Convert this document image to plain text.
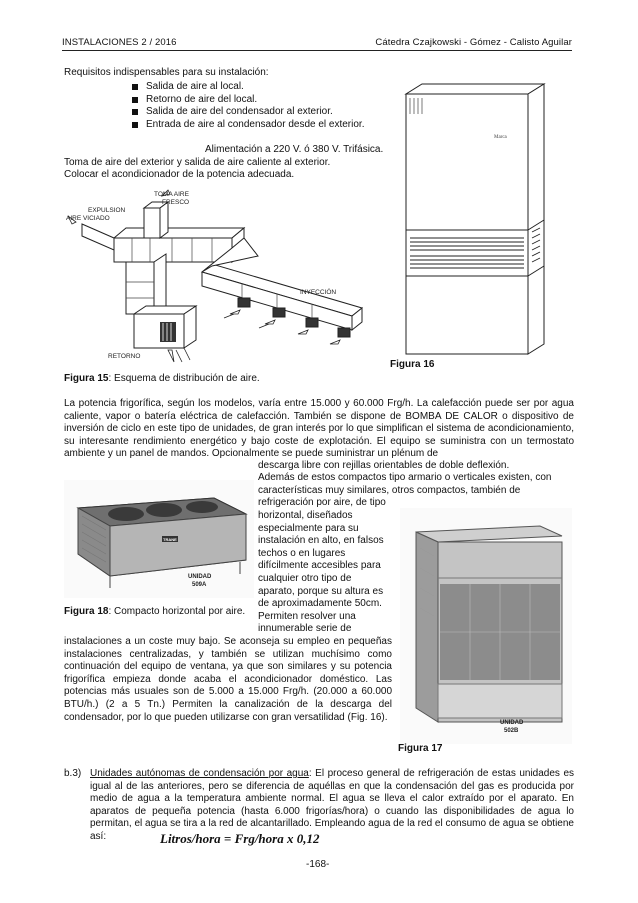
INSTALACIONES 2 / 2016	Cátedra Czajkowski - Gómez - Calisto Aguilar
Requisitos indispensables para su instalación:
Salida de aire al local.
Retorno de aire del local.
Salida de aire del condensador al exterior.
Entrada de aire al condensador desde el exterior.
Alimentación a 220 V. ó 380 V. Trifásica.
Toma de aire del exterior y salida de aire caliente al exterior.
Colocar el acondicionador de la potencia adecuada.
TOMA AIRE
FRESCO
EXPULSION
AIRE VICIADO
INYECCIÓN
RETORNO
Figura 15: Esquema de distribución de aire.
Marca
Figura 16
La potencia frigorífica, según los modelos, varía entre 15.000 y 60.000 Frg/h. La calefacción puede ser por agua caliente, vapor o batería eléctrica de calefacción. También se dispone de BOMBA DE CALOR o dispositivo de inversión de ciclo en este tipo de unidades, de gran interés por lo que simplifican el sistema de acondicionamiento, su interesante rendimiento energético y bajo coste de explotación. El equipo se suministra con un termostato ambiente y un panel de mandos. Opcionalmente se puede suministrar un plénum de
descarga libre con rejillas orientables de doble deflexión.
TRANE
UNIDAD
509A
Figura 18: Compacto horizontal por aire.
Además de estos compactos tipo armario o verticales existen, con
características muy similares, otros compactos, también de
refrigeración por aire, de tipo
horizontal, diseñados
especialmente para su
instalación en alto, en falsos
techos o en lugares
difícilmente accesibles para
cualquier otro tipo de
aparato, porque su altura es
de aproximadamente 50cm.
Permiten resolver una
innumerable serie de
UNIDAD
502B
Figura 17
instalaciones a un coste muy bajo. Se aconseja su empleo en pequeñas instalaciones centralizadas, y también se utilizan muchísimo como continuación del equipo de ventana, ya que son similares y su potencia frigorífica empieza donde acaba el acondicionador doméstico. Las potencias más usuales son de 5.000 a 15.000 Frg/h. (20.000 a 60.000 BTU/h.) (2 a 5 Tn.) Permiten la canalización de la descarga del condensador, por lo que pueden utilizarse con gran versatilidad (Fig. 16).
b.3) Unidades autónomas de condensación por agua: El proceso general de refrigeración de estas unidades es igual al de las anteriores, pero se diferencia de aquéllas en que la condensación del gas es producida por medio de agua a la temperatura ambiente normal. El agua se lleva el calor extraído por el aparato. En aparatos de pequeña potencia (hasta 6.000 frigorías/hora) o cuando las disponibilidades de agua lo permitan, el agua se tira a la red de alcantarillado. Empleando agua de la red el consumo de agua se obtiene así:	Litros/hora = Frg/hora x 0,12
-168-
